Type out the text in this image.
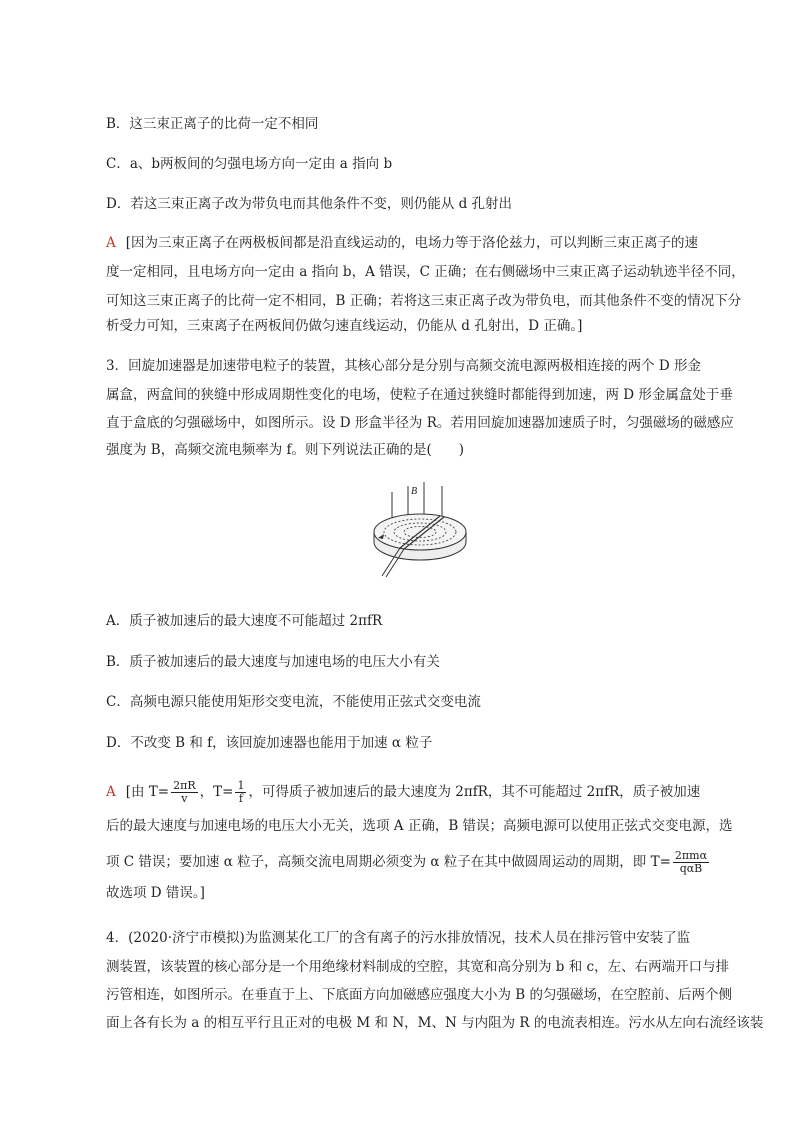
B．这三束正离子的比荷一定不相同
C．a、b两板间的匀强电场方向一定由 a 指向 b
D．若这三束正离子改为带负电而其他条件不变，则仍能从 d 孔射出
A [因为三束正离子在两极板间都是沿直线运动的，电场力等于洛伦兹力，可以判断三束正离子的速
度一定相同，且电场方向一定由 a 指向 b，A 错误，C 正确；在右侧磁场中三束正离子运动轨迹半径不同，
可知这三束正离子的比荷一定不相同，B 正确；若将这三束正离子改为带负电，而其他条件不变的情况下分
析受力可知，三束离子在两板间仍做匀速直线运动，仍能从 d 孔射出，D 正确。]
3．回旋加速器是加速带电粒子的装置，其核心部分是分别与高频交流电源两极相连接的两个 D 形金
属盒，两盒间的狭缝中形成周期性变化的电场，使粒子在通过狭缝时都能得到加速，两 D 形金属盒处于垂
直于盒底的匀强磁场中，如图所示。设 D 形盒半径为 R。若用回旋加速器加速质子时，匀强磁场的磁感应
强度为 B，高频交流电频率为 f。则下列说法正确的是(　　)
B
A．质子被加速后的最大速度不可能超过 2πfR
B．质子被加速后的最大速度与加速电场的电压大小有关
C．高频电源只能使用矩形交变电流，不能使用正弦式交变电流
D．不改变 B 和 f，该回旋加速器也能用于加速 α 粒子
A [由 $T= \frac{2\pi R}{v}$ ，$T= \frac{1}{f}$ ，可得质子被加速后的最大速度为 2πfR，其不可能超过 2πfR，质子被加速
后的最大速度与加速电场的电压大小无关，选项 A 正确，B 错误；高频电源可以使用正弦式交变电源，选
项 C 错误；要加速 α 粒子，高频交流电周期必须变为 α 粒子在其中做圆周运动的周期，即 $T= \frac{\text{2πmα}}{\text{qαB}}$
故选项 D 错误。]
4．(2020·济宁市模拟)为监测某化工厂的含有离子的污水排放情况，技术人员在排污管中安装了监
测装置，该装置的核心部分是一个用绝缘材料制成的空腔，其宽和高分别为 b 和 c，左、右两端开口与排
污管相连，如图所示。在垂直于上、下底面方向加磁感应强度大小为 B 的匀强磁场，在空腔前、后两个侧
面上各有长为 a 的相互平行且正对的电极 M 和 N，M、N 与内阻为 R 的电流表相连。污水从左向右流经该装
